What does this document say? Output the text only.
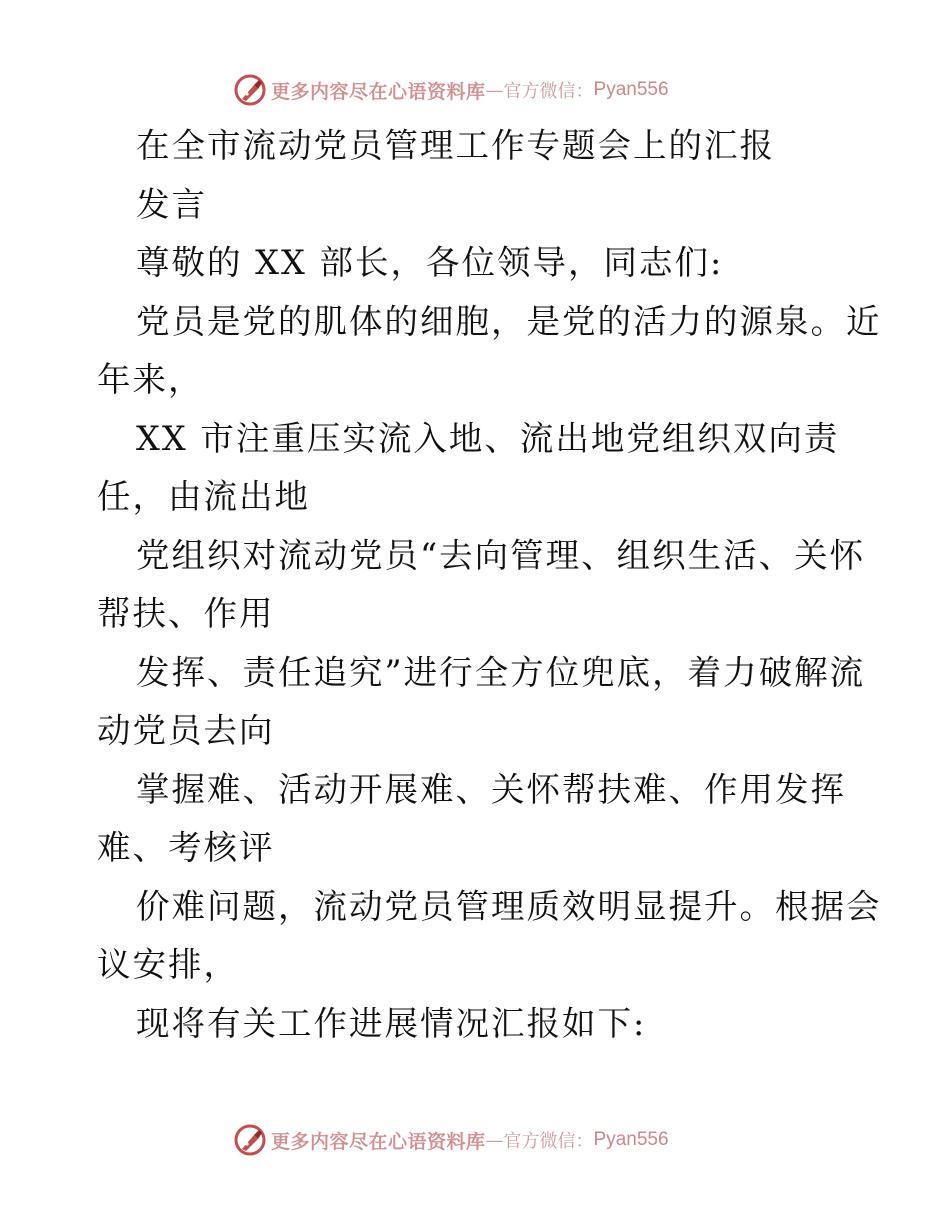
更多内容尽在心语资料库 — 官方微信： Pyan556
在全市流动党员管理工作专题会上的汇报
发言
尊敬的 XX 部长，各位领导，同志们:
党员是党的肌体的细胞，是党的活力的源泉。近
年来，
XX 市注重压实流入地、流出地党组织双向责
任，由流出地
党组织对流动党员“去向管理、组织生活、关怀
帮扶、作用
发挥、责任追究”进行全方位兜底，着力破解流
动党员去向
掌握难、活动开展难、关怀帮扶难、作用发挥
难、考核评
价难问题，流动党员管理质效明显提升。根据会
议安排，
现将有关工作进展情况汇报如下:
更多内容尽在心语资料库 — 官方微信： Pyan556
